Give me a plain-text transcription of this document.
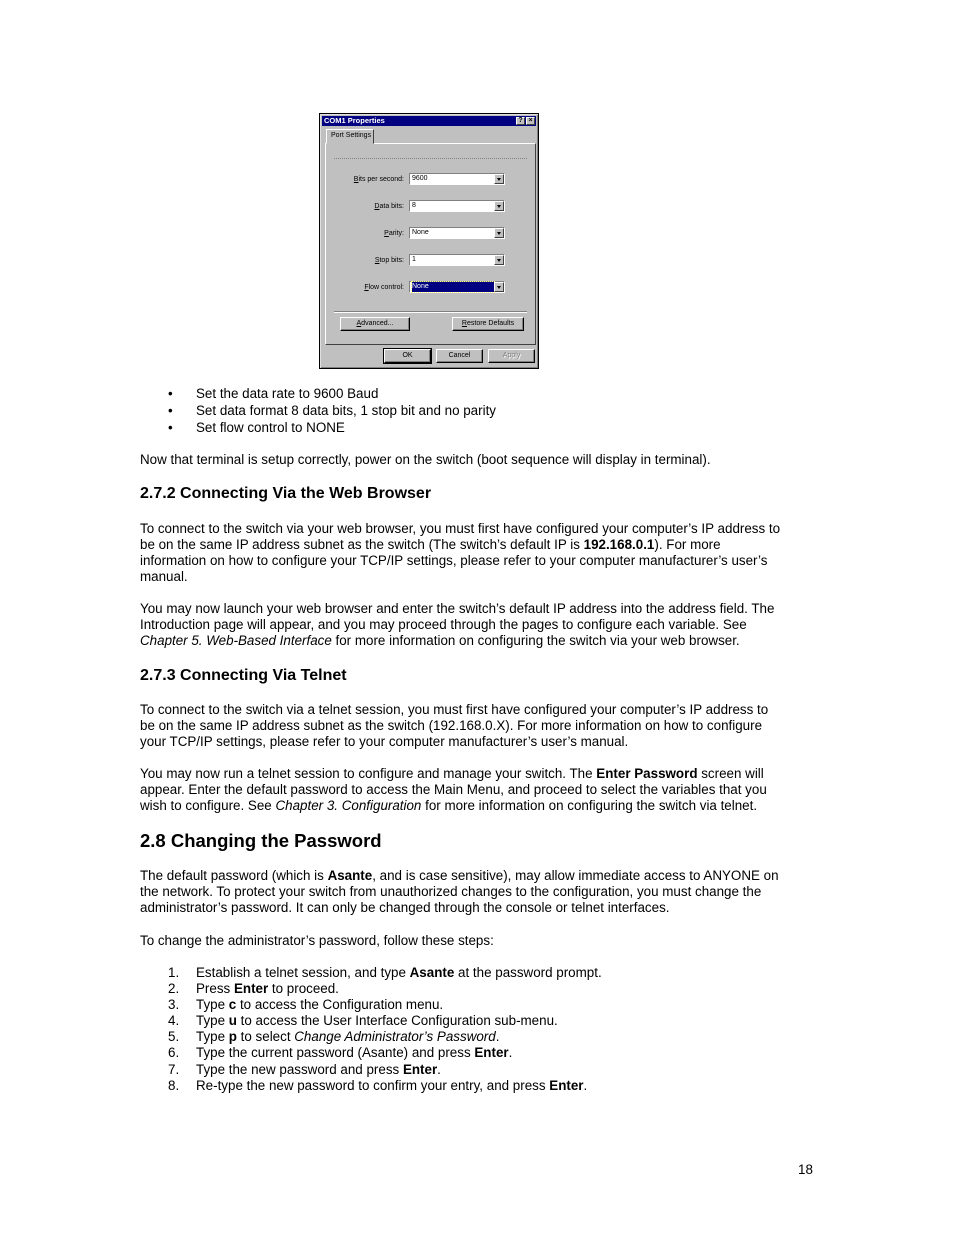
COM1 Properties	? ×
Port Settings
Bits per second:	9600
Data bits:	8
Parity:	None
Stop bits:	1
Flow control: None
Advanced...	Restore Defaults
OK	Cancel	Apply
• Set the data rate to 9600 Baud
• Set data format 8 data bits, 1 stop bit and no parity
• Set flow control to NONE
Now that terminal is setup correctly, power on the switch (boot sequence will display in terminal).
2.7.2 Connecting Via the Web Browser
To connect to the switch via your web browser, you must first have configured your computer’s IP address to
be on the same IP address subnet as the switch (The switch’s default IP is 192.168.0.1). For more
information on how to configure your TCP/IP settings, please refer to your computer manufacturer’s user’s
manual.
You may now launch your web browser and enter the switch’s default IP address into the address field. The
Introduction page will appear, and you may proceed through the pages to configure each variable. See
Chapter 5. Web-Based Interface for more information on configuring the switch via your web browser.
2.7.3 Connecting Via Telnet
To connect to the switch via a telnet session, you must first have configured your computer’s IP address to
be on the same IP address subnet as the switch (192.168.0.X). For more information on how to configure
your TCP/IP settings, please refer to your computer manufacturer’s user’s manual.
You may now run a telnet session to configure and manage your switch. The Enter Password screen will
appear. Enter the default password to access the Main Menu, and proceed to select the variables that you
wish to configure. See Chapter 3. Configuration for more information on configuring the switch via telnet.
2.8 Changing the Password
The default password (which is Asante, and is case sensitive), may allow immediate access to ANYONE on
the network. To protect your switch from unauthorized changes to the configuration, you must change the
administrator’s password. It can only be changed through the console or telnet interfaces.
To change the administrator’s password, follow these steps:
1. Establish a telnet session, and type Asante at the password prompt.
2. Press Enter to proceed.
3. Type c to access the Configuration menu.
4. Type u to access the User Interface Configuration sub-menu.
5. Type p to select Change Administrator’s Password.
6. Type the current password (Asante) and press Enter.
7. Type the new password and press Enter.
8. Re-type the new password to confirm your entry, and press Enter.
18
